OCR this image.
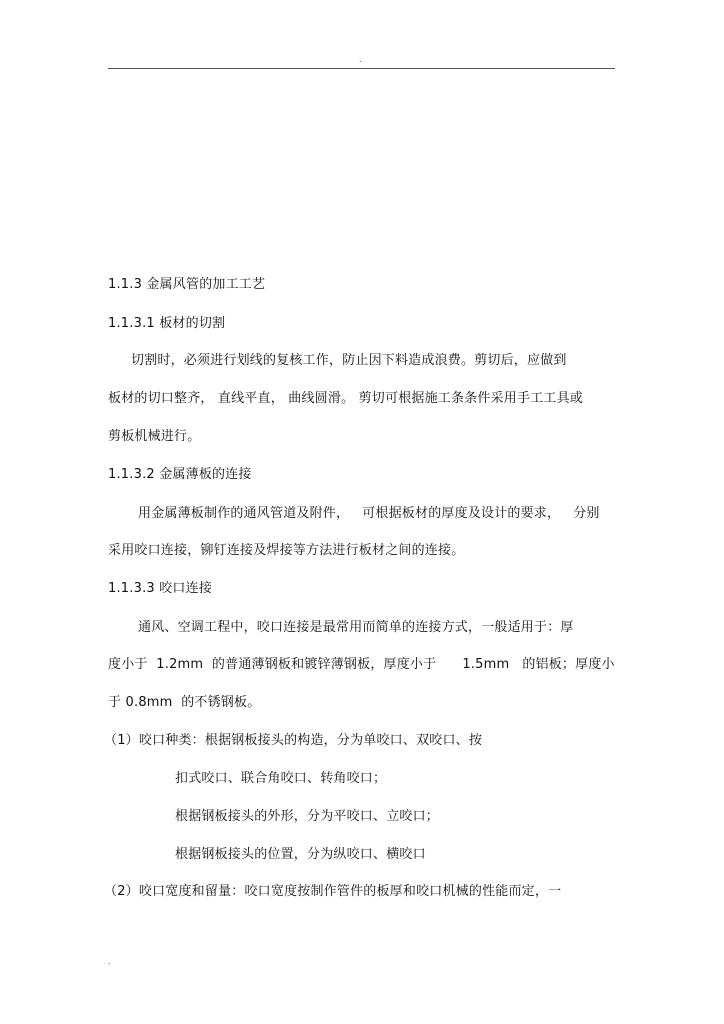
.
1.1.3 金属风管的加工工艺
1.1.3.1 板材的切割
切割时，必须进行划线的复核工作，防止因下料造成浪费。剪切后，应做到
板材的切口整齐， 直线平直， 曲线圆滑。 剪切可根据施工条条件采用手工工具或
剪板机械进行。
1.1.3.2 金属薄板的连接
用金属薄板制作的通风管道及附件，   可根据板材的厚度及设计的要求，   分别
采用咬口连接，铆钉连接及焊接等方法进行板材之间的连接。
1.1.3.3 咬口连接
通风、空调工程中，咬口连接是最常用而简单的连接方式，一般适用于：厚
度小于  1.2mm  的普通薄钢板和镀锌薄钢板，厚度小于      1.5mm   的铝板；厚度小
于 0.8mm  的不锈钢板。
（1）咬口种类：根据钢板接头的构造，分为单咬口、双咬口、按
扣式咬口、联合角咬口、转角咬口；
根据钢板接头的外形，分为平咬口、立咬口；
根据钢板接头的位置，分为纵咬口、横咬口
（2）咬口宽度和留量：咬口宽度按制作管件的板厚和咬口机械的性能而定，一
.
